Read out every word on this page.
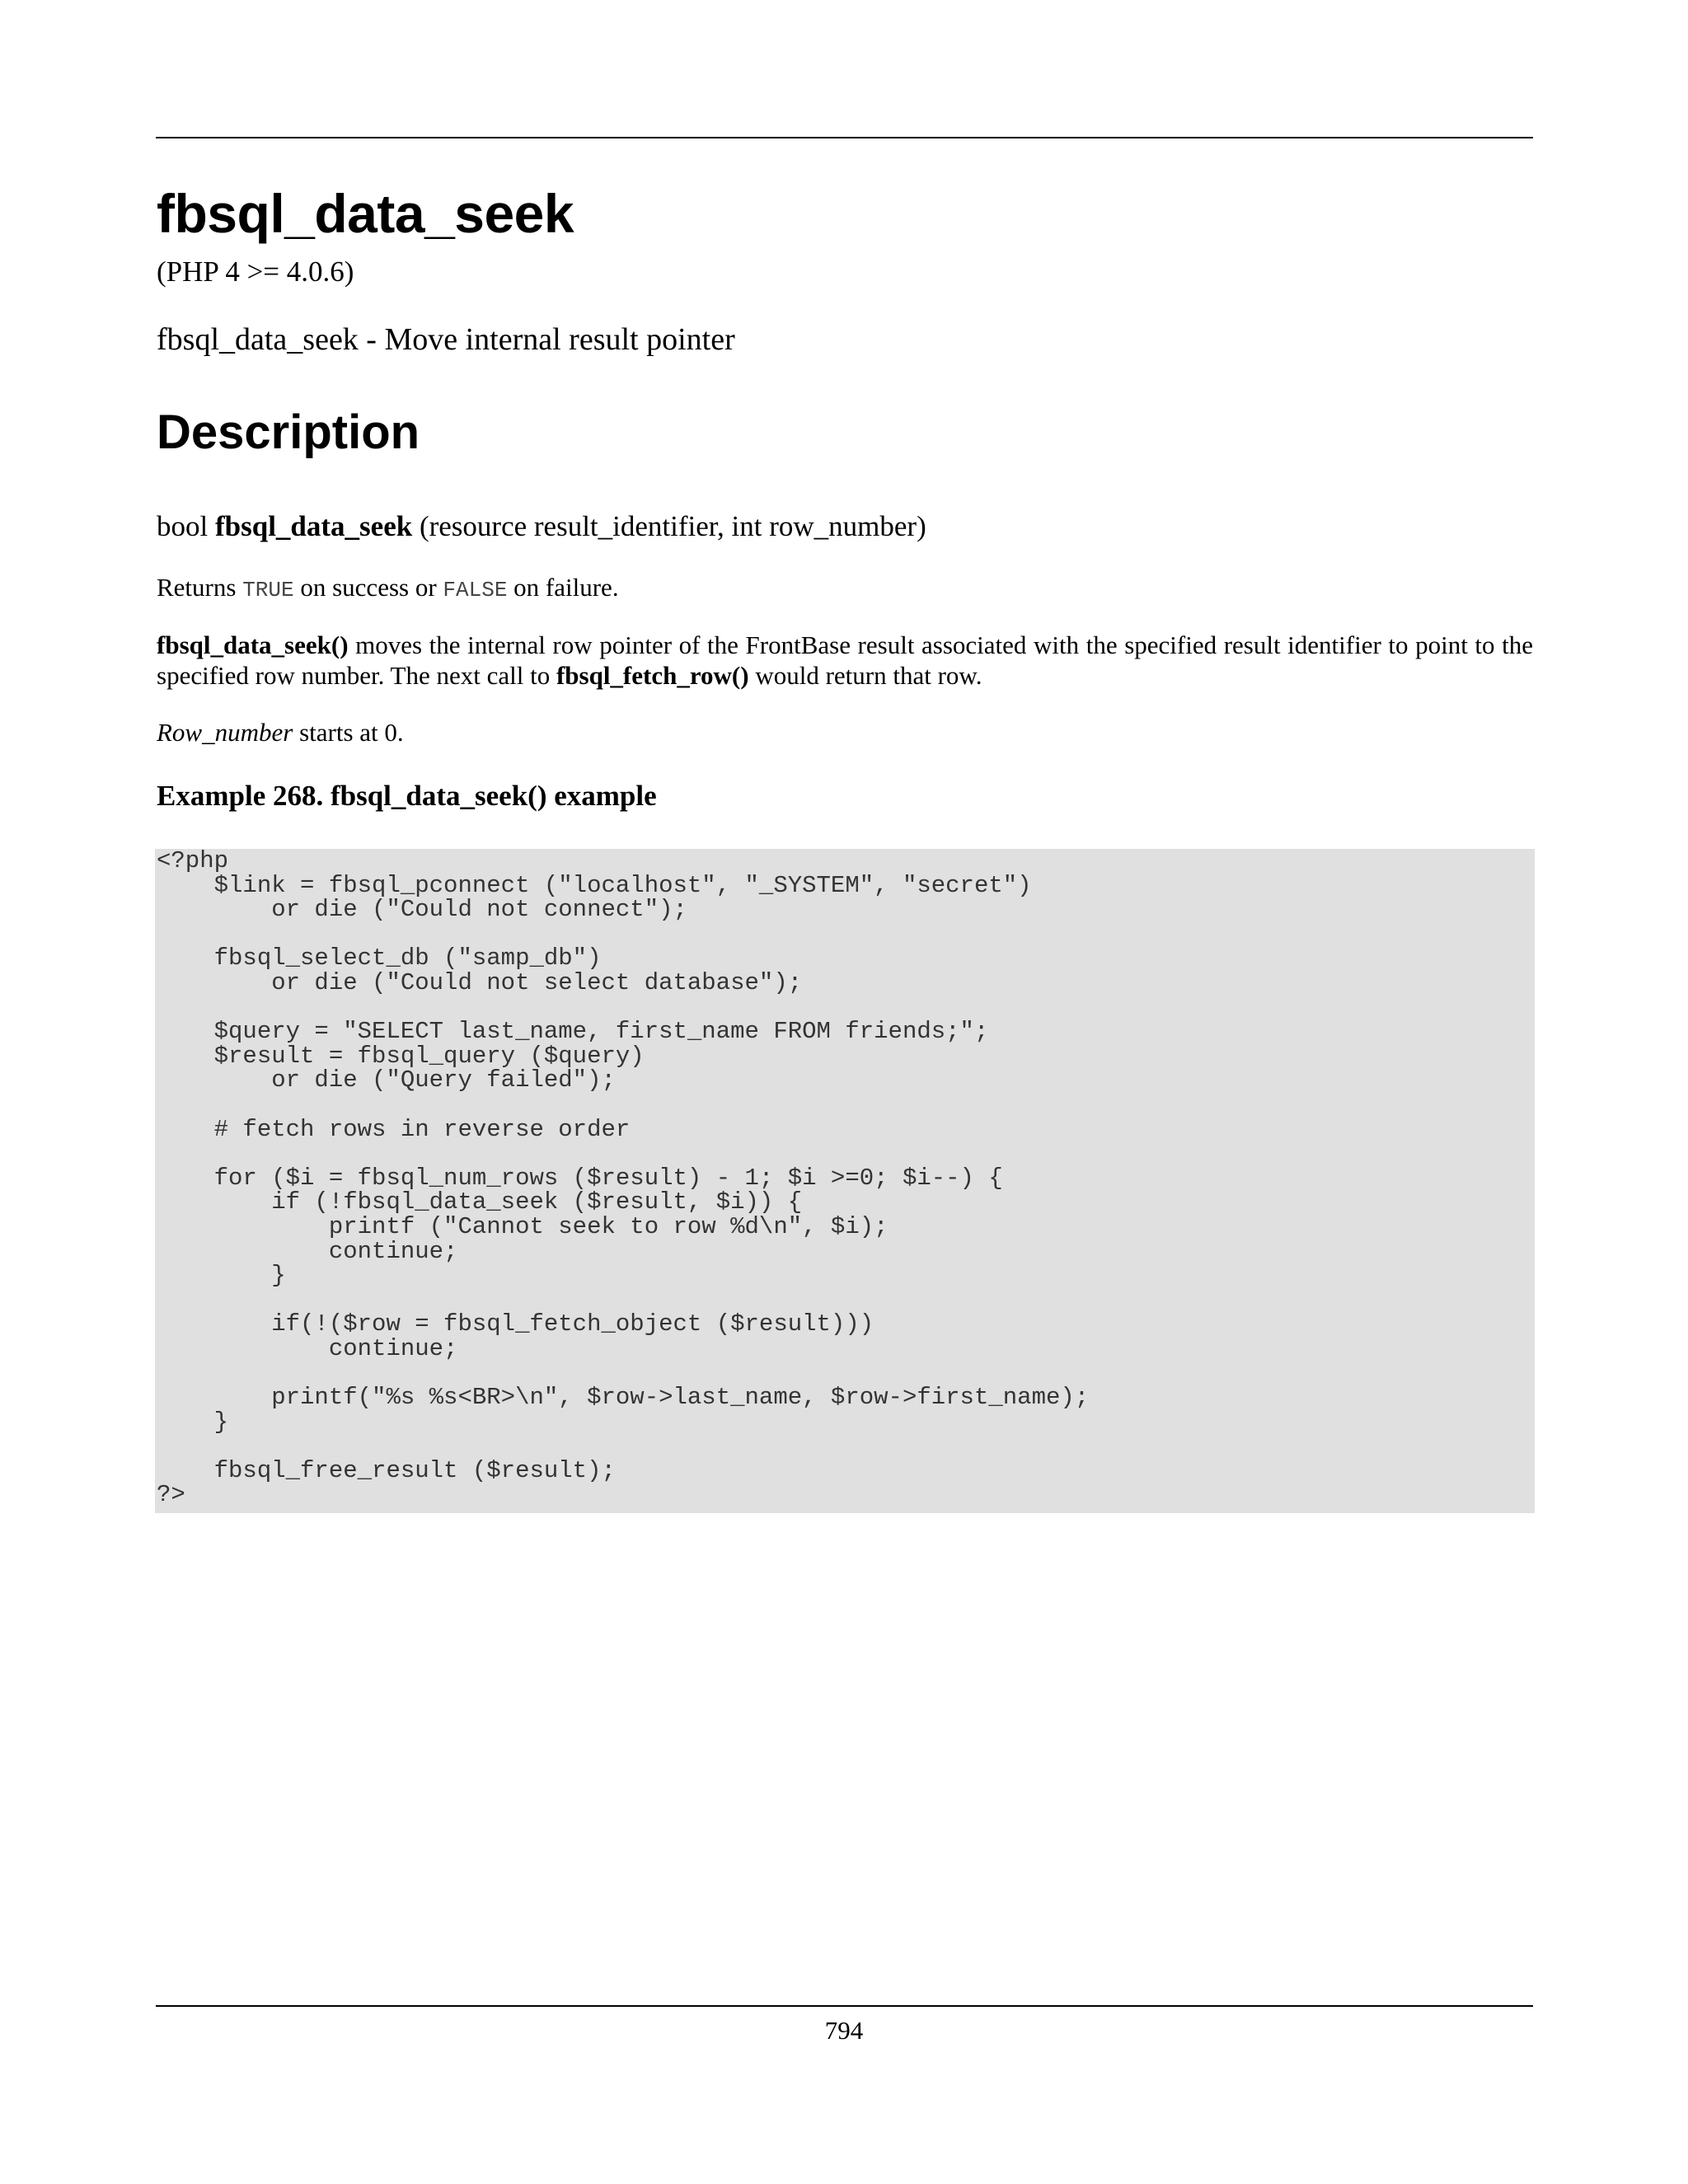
fbsql_data_seek
(PHP 4 >= 4.0.6)
fbsql_data_seek - Move internal result pointer
Description
bool fbsql_data_seek (resource result_identifier, int row_number)
Returns TRUE on success or FALSE on failure.
fbsql_data_seek() moves the internal row pointer of the FrontBase result associated with the specified result identifier to point to the specified row number. The next call to fbsql_fetch_row() would return that row.
Row_number starts at 0.
Example 268. fbsql_data_seek() example
<?php
$link = fbsql_pconnect ("localhost", "_SYSTEM", "secret")
or die ("Could not connect");

fbsql_select_db ("samp_db")
or die ("Could not select database");

$query = "SELECT last_name, first_name FROM friends;";
$result = fbsql_query ($query)
or die ("Query failed");

# fetch rows in reverse order

for ($i = fbsql_num_rows ($result) - 1; $i >=0; $i--) {
if (!fbsql_data_seek ($result, $i)) {
printf ("Cannot seek to row %d\n", $i);
continue;
}

if(!($row = fbsql_fetch_object ($result)))
continue;

printf("%s %s<BR>\n", $row->last_name, $row->first_name);
}

fbsql_free_result ($result);
?>
794
